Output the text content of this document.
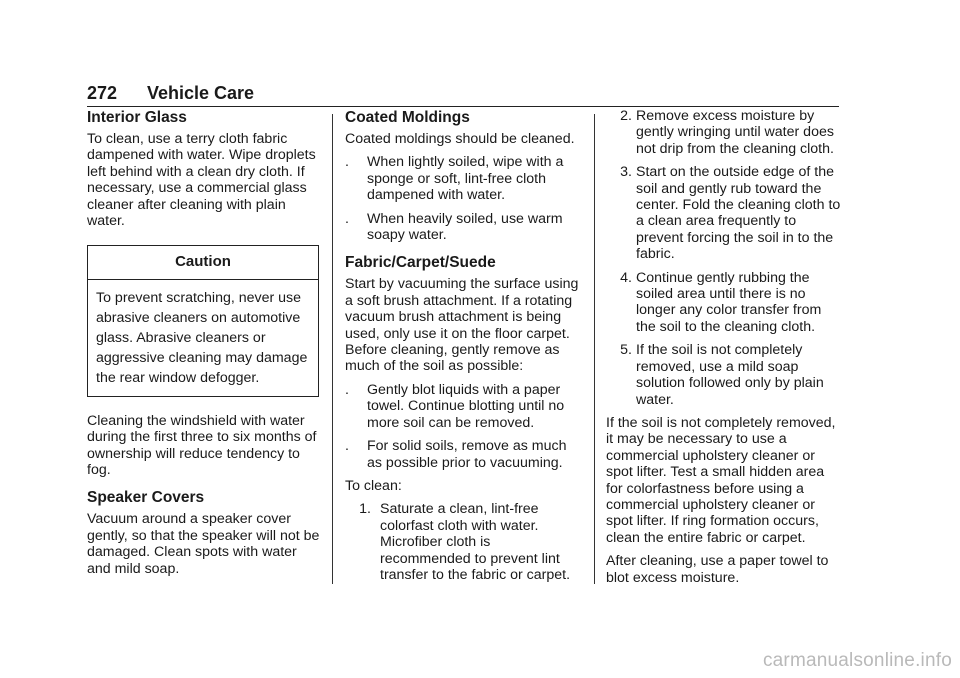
272 Vehicle Care
Interior Glass

To clean, use a terry cloth fabric dampened with water. Wipe droplets left behind with a clean dry cloth. If necessary, use a commercial glass cleaner after cleaning with plain water.

Caution
To prevent scratching, never use abrasive cleaners on automotive glass. Abrasive cleaners or aggressive cleaning may damage the rear window defogger.

Cleaning the windshield with water during the first three to six months of ownership will reduce tendency to fog.

Speaker Covers

Vacuum around a speaker cover gently, so that the speaker will not be damaged. Clean spots with water and mild soap.

Coated Moldings

Coated moldings should be cleaned.

. When lightly soiled, wipe with a sponge or soft, lint-free cloth dampened with water.
. When heavily soiled, use warm soapy water.
Fabric/Carpet/Suede

Start by vacuuming the surface using a soft brush attachment. If a rotating vacuum brush attachment is being used, only use it on the floor carpet. Before cleaning, gently remove as much of the soil as possible:

. Gently blot liquids with a paper towel. Continue blotting until no more soil can be removed.
. For solid soils, remove as much as possible prior to vacuuming.

To clean:

1. Saturate a clean, lint-free colorfast cloth with water. Microfiber cloth is recommended to prevent lint transfer to the fabric or carpet.
2. Remove excess moisture by gently wringing until water does not drip from the cleaning cloth.
3. Start on the outside edge of the soil and gently rub toward the center. Fold the cleaning cloth to a clean area frequently to prevent forcing the soil in to the fabric.
4. Continue gently rubbing the soiled area until there is no longer any color transfer from the soil to the cleaning cloth.
5. If the soil is not completely removed, use a mild soap solution followed only by plain water.

If the soil is not completely removed, it may be necessary to use a commercial upholstery cleaner or spot lifter. Test a small hidden area for colorfastness before using a commercial upholstery cleaner or spot lifter. If ring formation occurs, clean the entire fabric or carpet.

After cleaning, use a paper towel to blot excess moisture.

carmanualsonline.info
